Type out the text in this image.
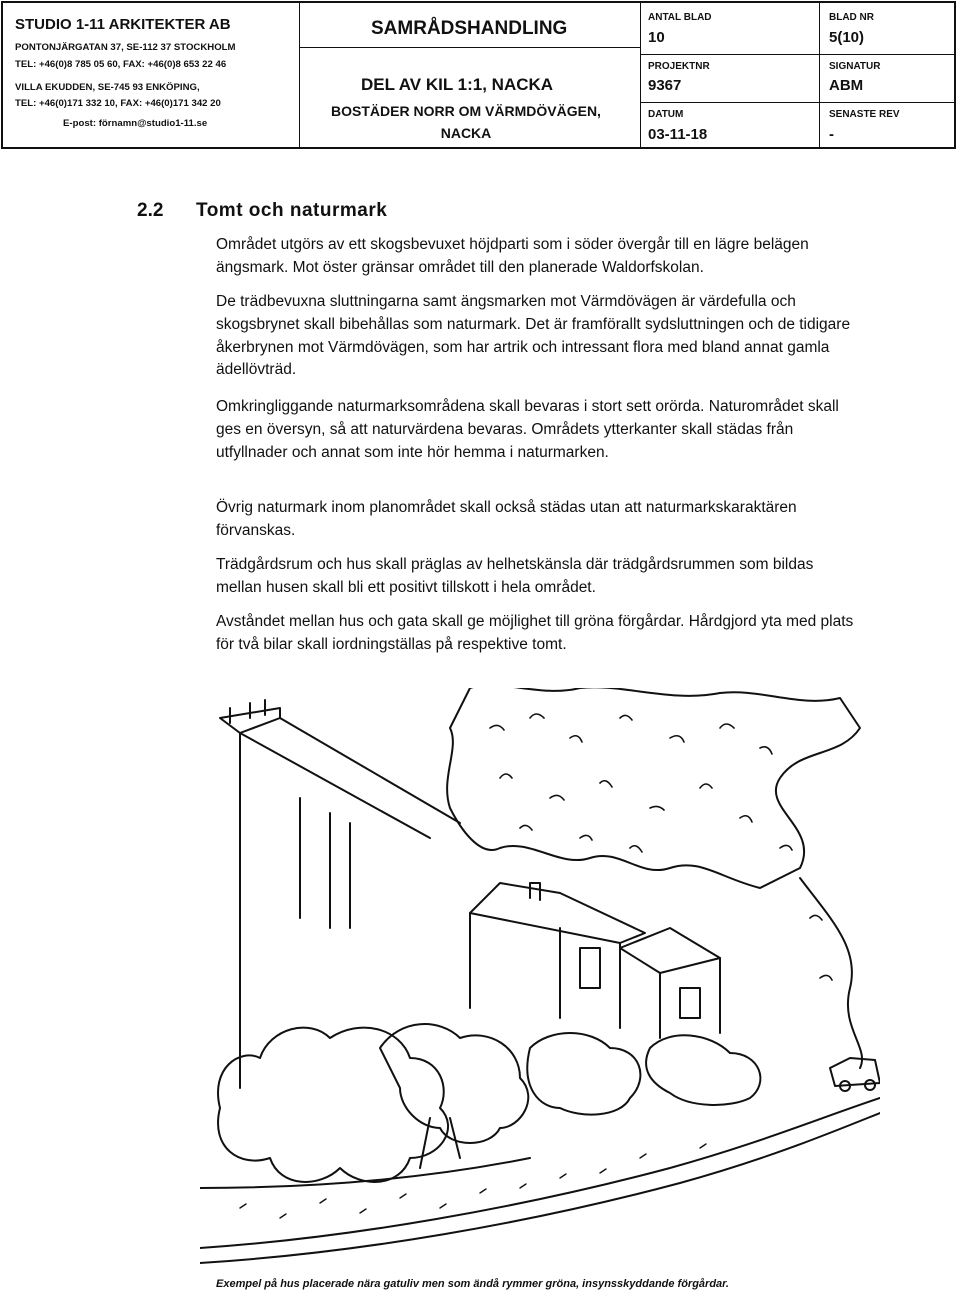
STUDIO 1-11 ARKITEKTER AB
PONTONJÄRGATAN 37, SE-112 37 STOCKHOLM
TEL: +46(0)8 785 05 60, FAX: +46(0)8 653 22 46
VILLA EKUDDEN, SE-745 93 ENKÖPING,
TEL: +46(0)171 332 10, FAX: +46(0)171 342 20
E-post: förnamn@studio1-11.se
SAMRÅDSHANDLING
DEL AV KIL 1:1, NACKA
BOSTÄDER NORR OM VÄRMDÖVÄGEN, NACKA
ANTAL BLAD
10
BLAD NR
5(10)
PROJEKTNR
9367
SIGNATUR
ABM
DATUM
03-11-18
SENASTE REV
-
2.2 Tomt och naturmark

Området utgörs av ett skogsbevuxet höjdparti som i söder övergår till en lägre belägen ängsmark. Mot öster gränsar området till den planerade Waldorfskolan.

De trädbevuxna sluttningarna samt ängsmarken mot Värmdövägen är värdefulla och skogsbrynet skall bibehållas som naturmark. Det är framförallt sydsluttningen och de tidigare åkerbrynen mot Värmdövägen, som har artrik och intressant flora med bland annat gamla ädellövträd.

Omkringliggande naturmarksområdena skall bevaras i stort sett orörda. Naturområdet skall ges en översyn, så att naturvärdena bevaras. Områdets ytterkanter skall städas från utfyllnader och annat som inte hör hemma i naturmarken.

Övrig naturmark inom planområdet skall också städas utan att naturmarkskaraktären förvanskas.

Trädgårdsrum och hus skall präglas av helhetskänsla där trädgårdsrummen som bildas mellan husen skall bli ett positivt tillskott i hela området.

Avståndet mellan hus och gata skall ge möjlighet till gröna förgårdar. Hårdgjord yta med plats för två bilar skall iordningställas på respektive tomt.

Exempel på hus placerade nära gatuliv men som ändå rymmer gröna, insynsskyddande förgårdar.
